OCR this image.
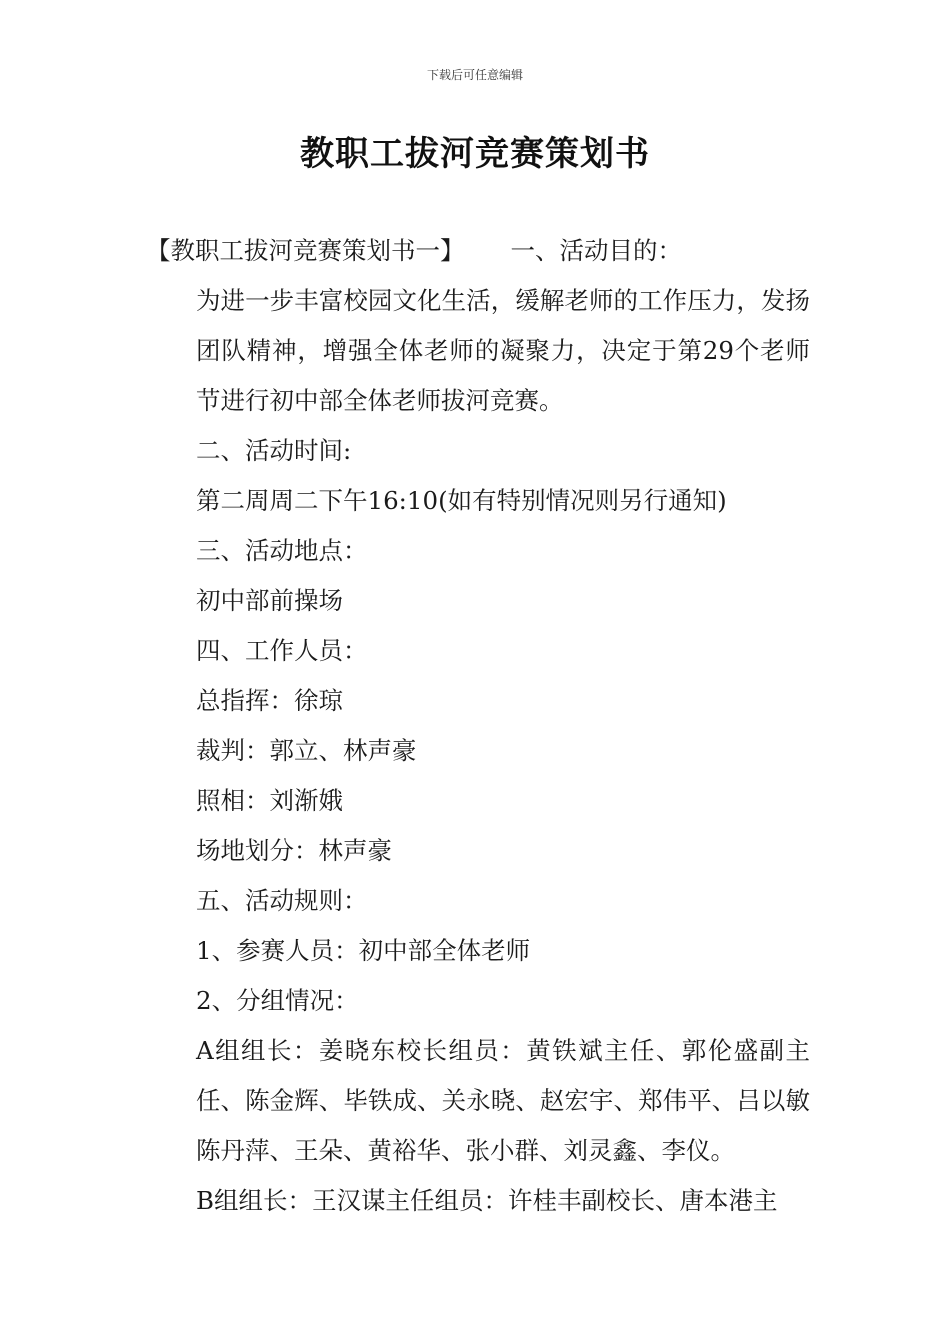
下载后可任意编辑
教职工拔河竞赛策划书

【教职工拔河竞赛策划书一】 一、活动目的：

为进一步丰富校园文化生活，缓解老师的工作压力，发扬团队精神，增强全体老师的凝聚力，决定于第29个老师节进行初中部全体老师拔河竞赛。

二、活动时间:

第二周周二下午16:10(如有特别情况则另行通知)

三、活动地点：

初中部前操场

四、工作人员：

总指挥：徐琼

裁判：郭立、林声豪

照相：刘渐娥

场地划分：林声豪

五、活动规则：

1、参赛人员：初中部全体老师

2、分组情况：

A组组长：姜晓东校长组员：黄铁斌主任、郭伦盛副主任、陈金辉、毕铁成、关永晓、赵宏宇、郑伟平、吕以敏陈丹萍、王朵、黄裕华、张小群、刘灵鑫、李仪。

B组组长：王汉谋主任组员：许桂丰副校长、唐本港主
